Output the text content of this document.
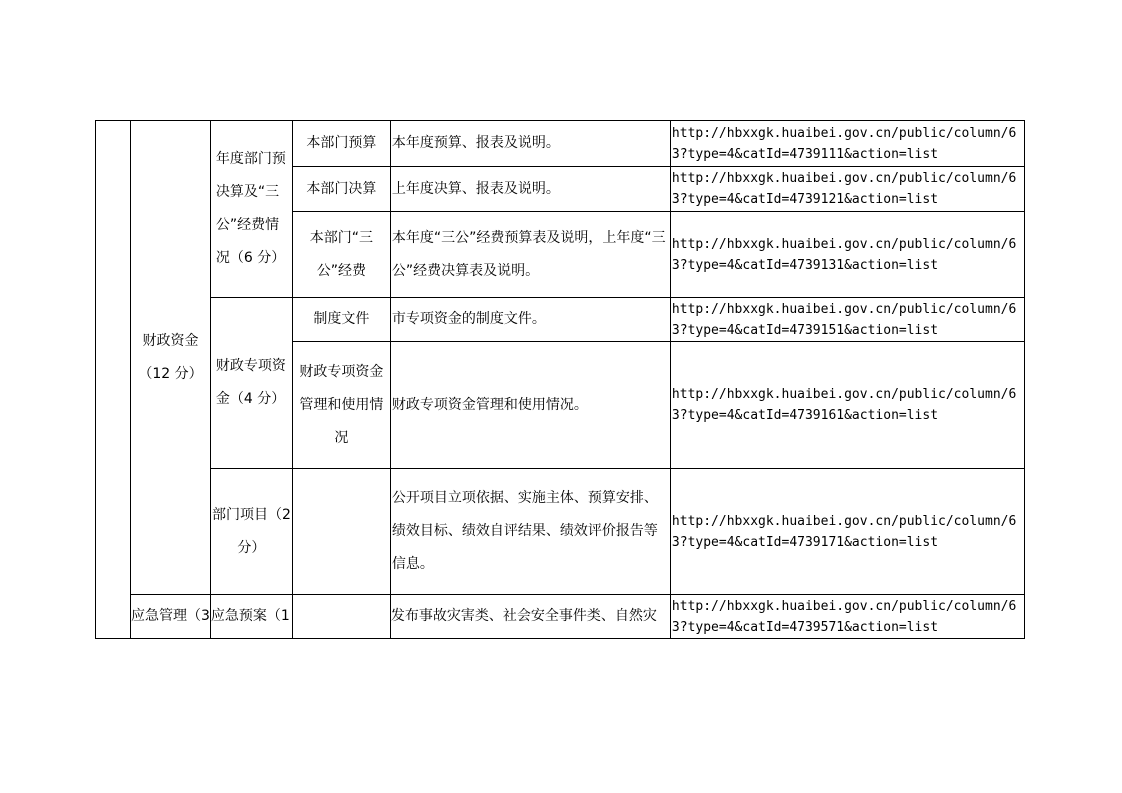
	财政资金（12 分）	年度部门预决算及“三公”经费情况（6 分）	本部门预算	本年度预算、报表及说明。	http://hbxxgk.huaibei.gov.cn/public/column/63?type=4&catId=4739111&action=list
			本部门决算	上年度决算、报表及说明。	http://hbxxgk.huaibei.gov.cn/public/column/63?type=4&catId=4739121&action=list
			本部门“三公”经费	本年度“三公”经费预算表及说明，上年度“三公”经费决算表及说明。	http://hbxxgk.huaibei.gov.cn/public/column/63?type=4&catId=4739131&action=list
		财政专项资金（4 分）	制度文件	市专项资金的制度文件。	http://hbxxgk.huaibei.gov.cn/public/column/63?type=4&catId=4739151&action=list
			财政专项资金管理和使用情况	财政专项资金管理和使用情况。	http://hbxxgk.huaibei.gov.cn/public/column/63?type=4&catId=4739161&action=list
		部门项目（2 分）		公开项目立项依据、实施主体、预算安排、绩效目标、绩效自评结果、绩效评价报告等信息。	http://hbxxgk.huaibei.gov.cn/public/column/63?type=4&catId=4739171&action=list
	应急管理（3	应急预案（1		发布事故灾害类、社会安全事件类、自然灾	http://hbxxgk.huaibei.gov.cn/public/column/63?type=4&catId=4739571&action=list
